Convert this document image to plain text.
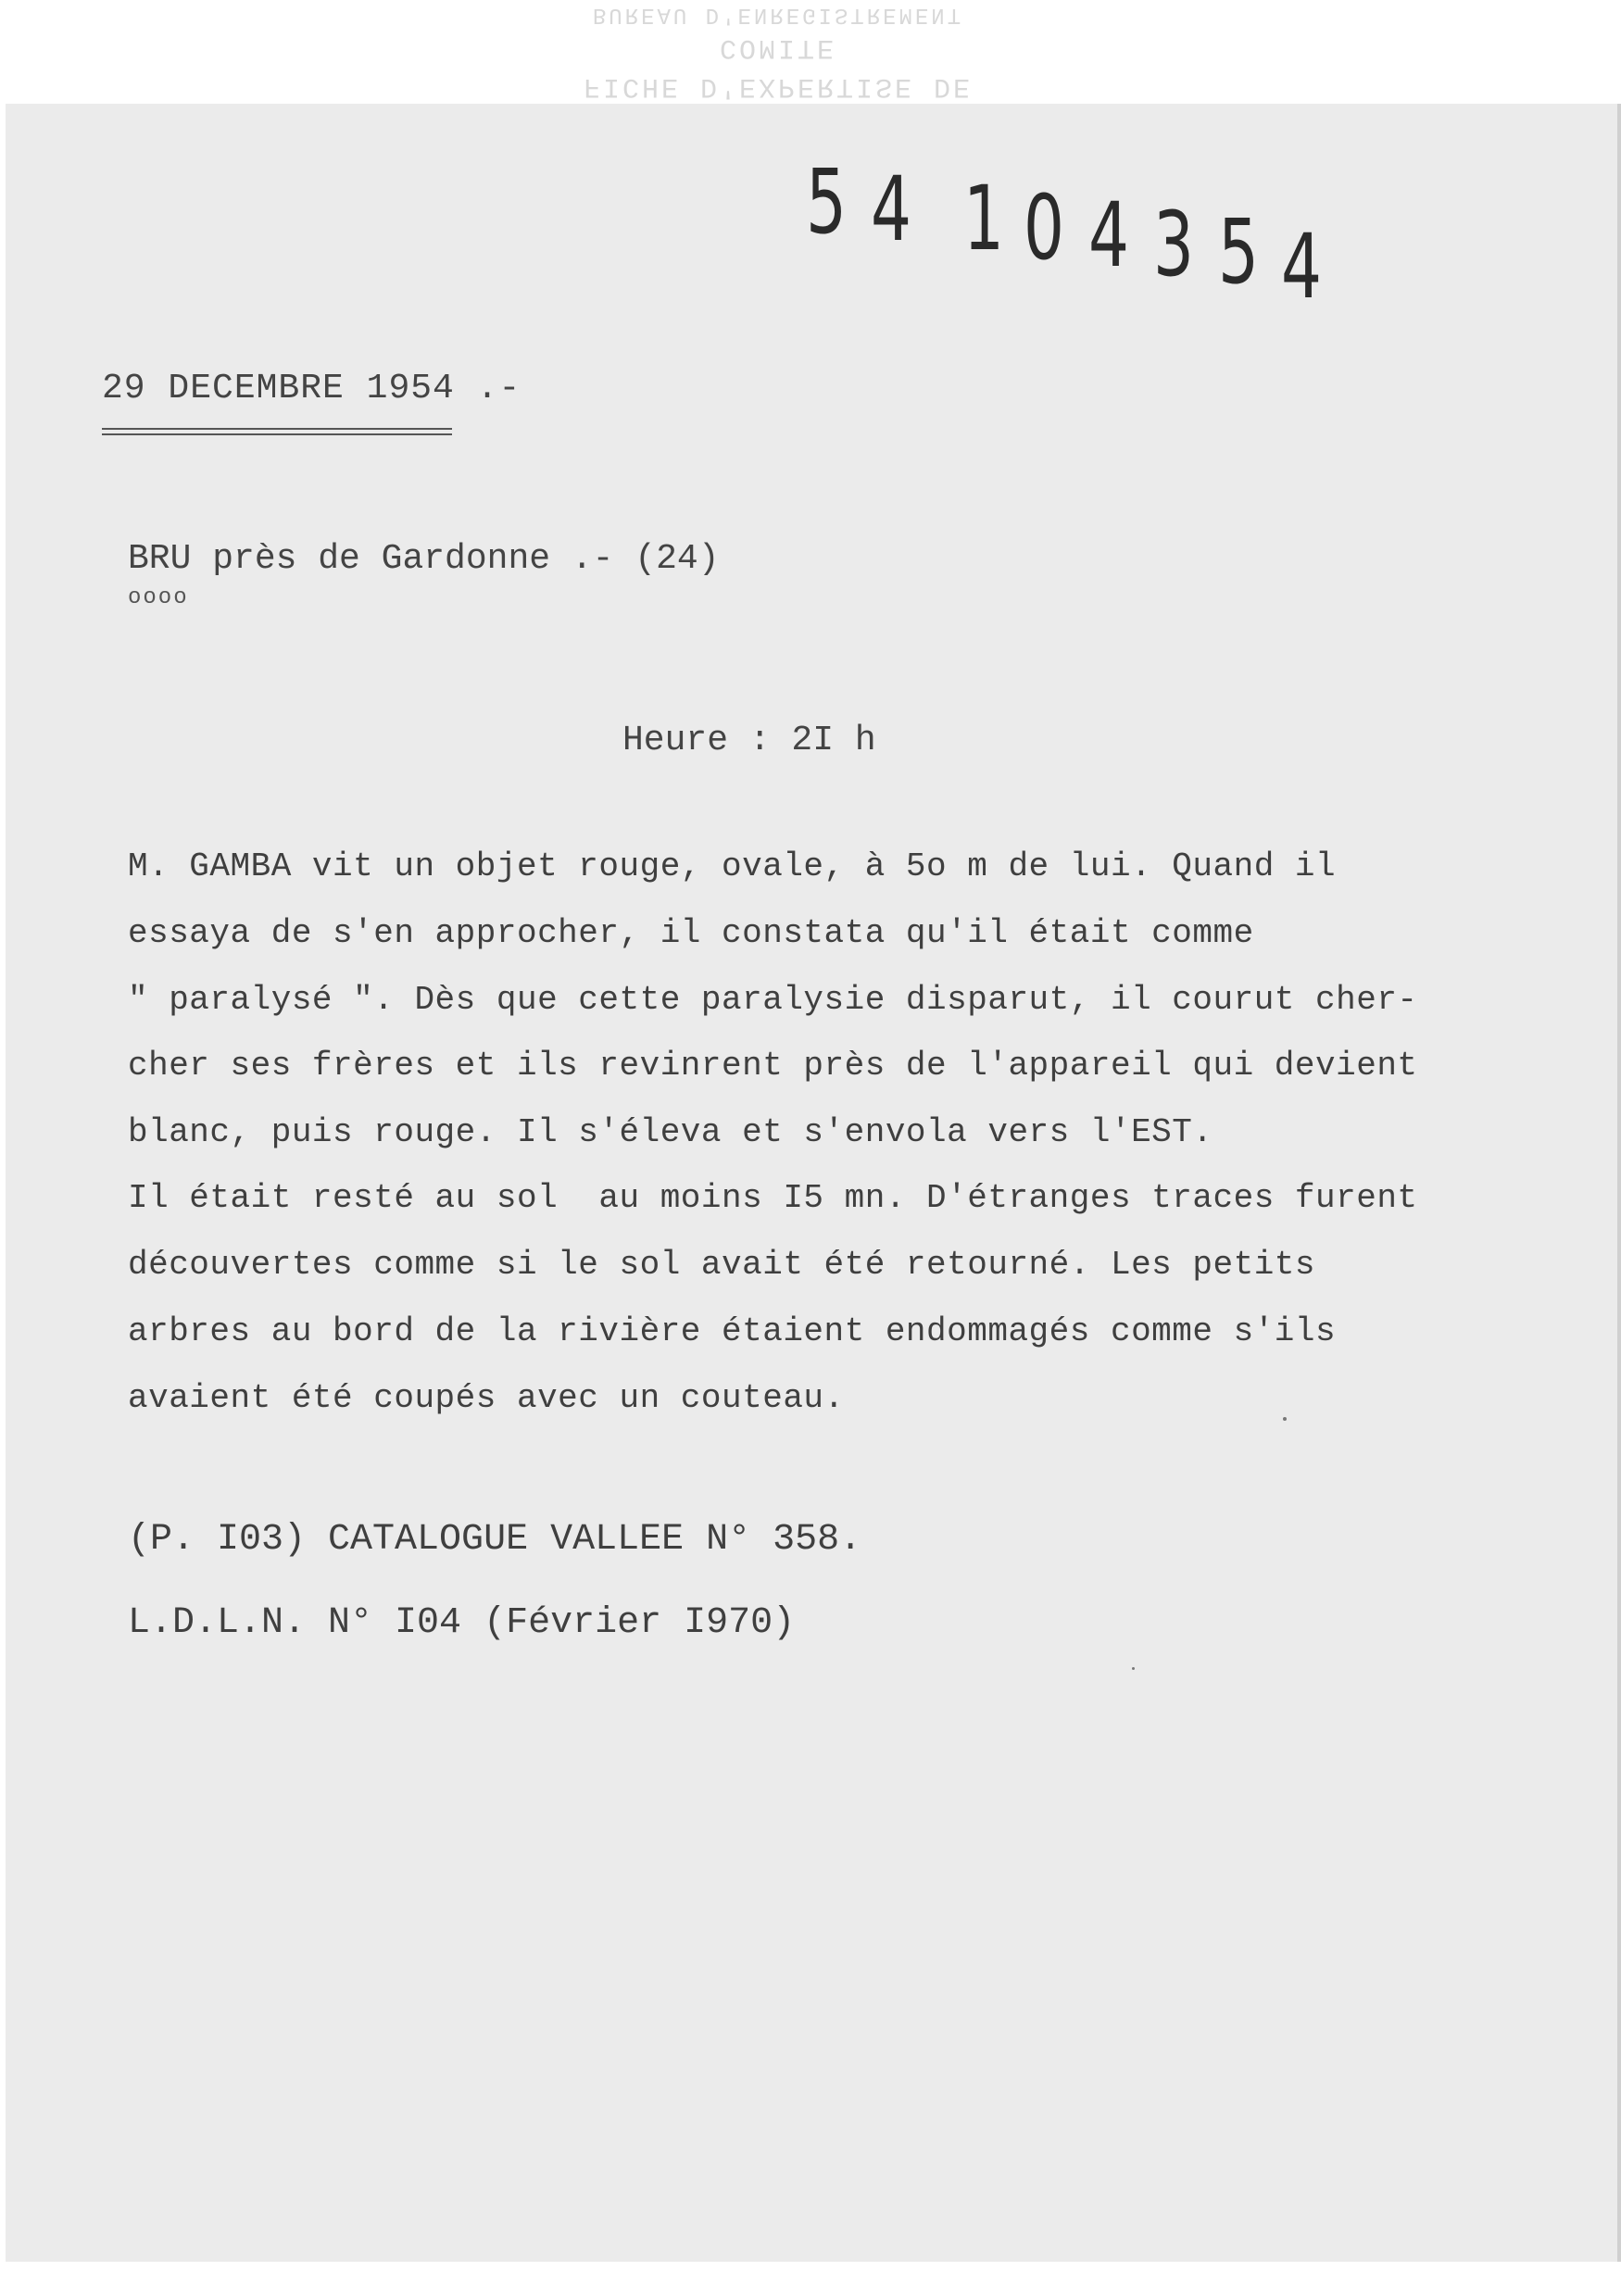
BUREAU D'ENREGISTREMENT
FICHE D'EXPERTISE DE COMITE
5 4 1 0 4 3 5 4
29 DECEMBRE 1954 .-
BRU près de Gardonne .- (24)
oooo
Heure : 2I h
M. GAMBA vit un objet rouge, ovale, à 5o m de lui. Quand il
essaya de s'en approcher, il constata qu'il était comme
" paralysé ". Dès que cette paralysie disparut, il courut cher-
cher ses frères et ils revinrent près de l'appareil qui devient
blanc, puis rouge. Il s'éleva et s'envola vers l'EST.
Il était resté au sol  au moins I5 mn. D'étranges traces furent
découvertes comme si le sol avait été retourné. Les petits
arbres au bord de la rivière étaient endommagés comme s'ils
avaient été coupés avec un couteau.
(P. I03) CATALOGUE VALLEE N° 358.
L.D.L.N. N° I04 (Février I970)
